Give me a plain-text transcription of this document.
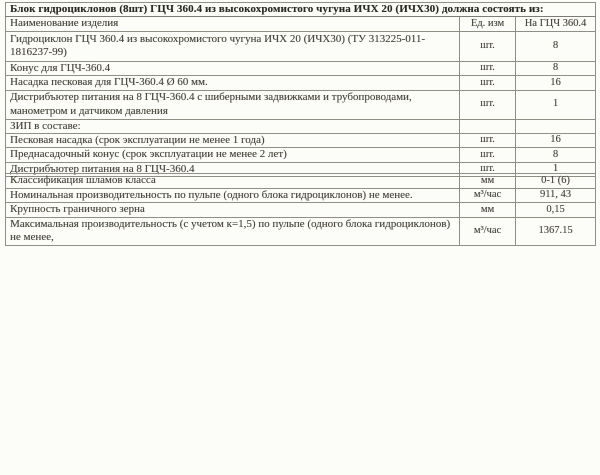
Блок гидроциклонов (8шт) ГЦЧ 360.4 из высокохромистого чугуна ИЧХ 20 (ИЧХ30) должна состоять из:		
Наименование изделия	Ед. изм	На ГЦЧ 360.4
Гидроциклон ГЦЧ 360.4 из высокохромистого чугуна ИЧХ 20 (ИЧХ30) (ТУ 313225-011-1816237-99)	шт.	8
Конус для ГЦЧ-360.4	шт.	8
Насадка песковая для ГЦЧ-360.4 Ø 60 мм.	шт.	16
Дистрибъютер питания на 8 ГЦЧ-360.4 с шиберными задвижками и трубопроводами, манометром и датчиком давления	шт.	1
ЗИП в составе:		
Песковая насадка (срок эксплуатации не менее 1 года)	шт.	16
Преднасадочный конус (срок эксплуатации не менее 2 лет)	шт.	8
Дистрибъютер питания на 8 ГЦЧ-360.4	шт.	1
Классификация шламов класса	мм	0-1 (6)
Номинальная производительность по пульпе (одного блока гидроциклонов) не менее.	м³/час	911, 43
Крупность граничного зерна	мм	0,15
Максимальная производительность (с учетом к=1,5) по пульпе (одного блока гидроциклонов) не менее,	м³/час	1367.15
